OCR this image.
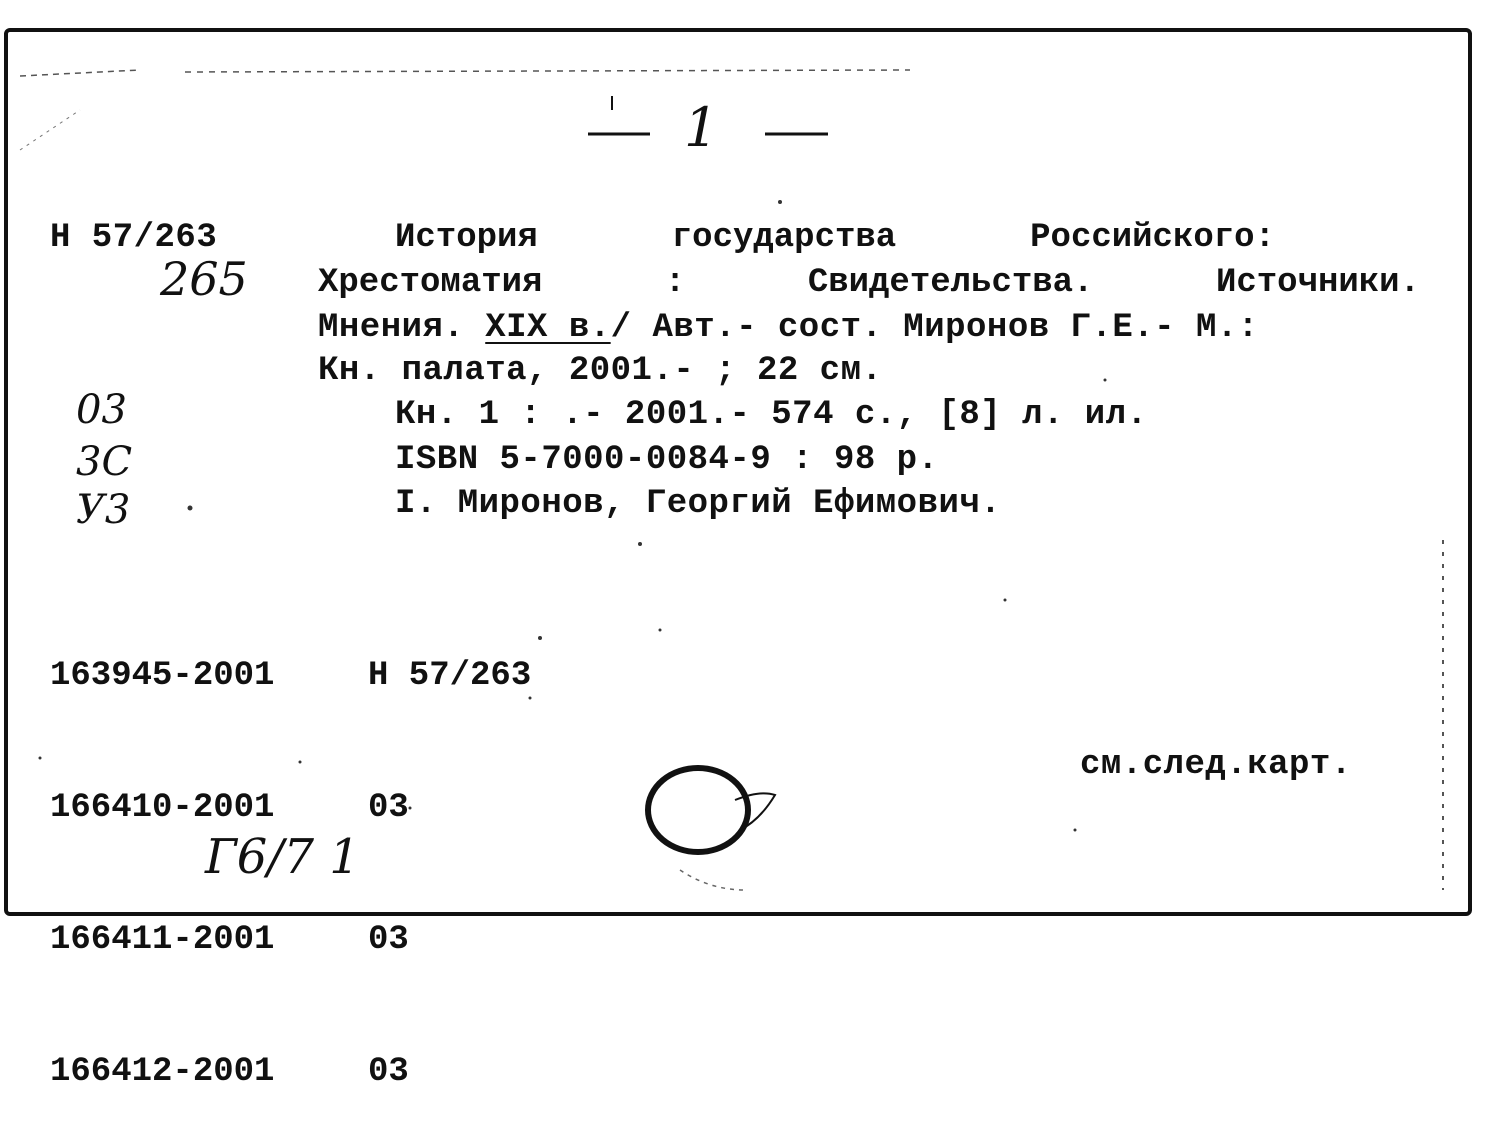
1
Н 57/263
265
История	государства	Российского:
Хрестоматия	:	Свидетельства.	Источники.
Мнения. XIX в./ Авт.- сост. Миронов Г.Е.- М.:
Кн. палата, 2001.- ; 22 см.
Кн. 1 : .- 2001.- 574 с., [8] л. ил.
ISBN 5-7000-0084-9 : 98 р.
I. Миронов, Георгий Ефимович.
03
3С
У3

163945-2001	Н 57/263

166410-2001	03

166411-2001	03

166412-2001	03

см.след.карт.
Г6/7 1
